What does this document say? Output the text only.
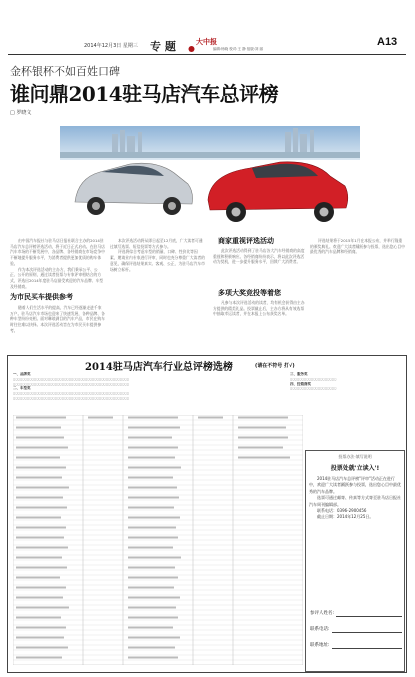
2014年12月3日 星期三 专 题	大中报
编辑:杨晓 校对:王 静 组版:刘 丽
A13
金杯银杯不如百姓口碑
谁问鼎2014驻马店汽车总评榜
□ 罗晓文

由中国汽车报社与驻马店日报社联合主办的2014驻马店汽车总评榜评选活动，将于近日正式启动。在驻马店汽车市场的不断发展中，各品牌、各经销商在市场竞争中不断地提升服务水平，为消费者提供更加优质的购车体验。

作为本次评选活动的主办方，我们秉承公平、公正、公开的原则，通过读者投票与专家评审相结合的方式，评选出2014年度驻马店最受欢迎的汽车品牌、车型及经销商。

为市民买车提供参考

随着人们生活水平的提高，汽车已经逐渐走进千家万户。驻马店汽车市场也迎来了快速发展，各种品牌、各种车型纷纷亮相。面对琳琅满目的汽车产品，市民在购车时往往难以抉择。本次评选活动旨在为市民买车提供参考。

本次评选活动将从即日起至12月底，广大读者可通过填写选票、短信投票等方式参与。

评选将综合考虑车型的销量、口碑、性价比等因素，邀请业内专家进行评审，同时也充分尊重广大读者的意见，确保评选结果真实、客观、公正，为驻马店汽车市场树立标杆。

商家重视评选活动

此次评选活动得到了驻马店各大汽车经销商的高度重视和积极响应。各经销商纷纷表示，将以此次评选活动为契机，进一步提升服务水平，回馈广大消费者。

多项大奖竞投等着您

凡参与本次评选活动的读者，均有机会获得由主办方提供的精美礼品。投票截止后，主办方将从有效选票中抽取幸运读者，并在本报上公布获奖名单。

评选结果将于2015年1月在本报公布，并举行隆重的颁奖典礼。欢迎广大读者踊跃参与投票，选出您心目中最优秀的汽车品牌和经销商。

2014驻马店汽车行业总评榜选榜	(请在不符号 打√)
一、品牌奖
◻◻◻◻◻◻◻◻◻◻◻◻◻◻◻◻◻◻◻◻◻◻◻◻◻◻◻◻◻◻◻◻◻◻◻◻◻◻◻◻◻◻◻◻◻◻◻◻◻◻
◻◻◻◻◻◻◻◻◻◻◻◻◻◻◻◻◻◻◻◻◻◻◻◻◻◻◻◻◻◻◻◻◻◻◻◻◻◻◻◻◻◻◻◻◻◻◻◻◻◻
二、车型奖
◻◻◻◻◻◻◻◻◻◻◻◻◻◻◻◻◻◻◻◻◻◻◻◻◻◻◻◻◻◻◻◻◻◻◻◻◻◻◻◻◻◻◻◻◻◻◻◻◻◻
◻◻◻◻◻◻◻◻◻◻◻◻◻◻◻◻◻◻◻◻◻◻◻◻◻◻◻◻◻◻◻◻◻◻◻◻◻◻◻◻◻◻◻◻◻◻◻◻◻◻
三、服务奖
◻◻◻◻◻◻◻◻◻◻◻◻◻◻◻◻◻◻◻◻
四、经销商奖
◻◻◻◻◻◻◻◻◻◻◻◻◻◻◻◻◻◻◻◻
投票办法·填写说明
投票处就'立读入'!

2014驻马店汽车总评榜"评审"活动正在进行中，欢迎广大读者踊跃参与投票，选出您心目中最优秀的汽车品牌。

选票可通过邮寄、传真等方式寄至驻马店日报社汽车周刊编辑部。

联系电话：0396-2900456

截止日期：2014年12月25日。

参评人姓名:
联系电话:
联系地址:
